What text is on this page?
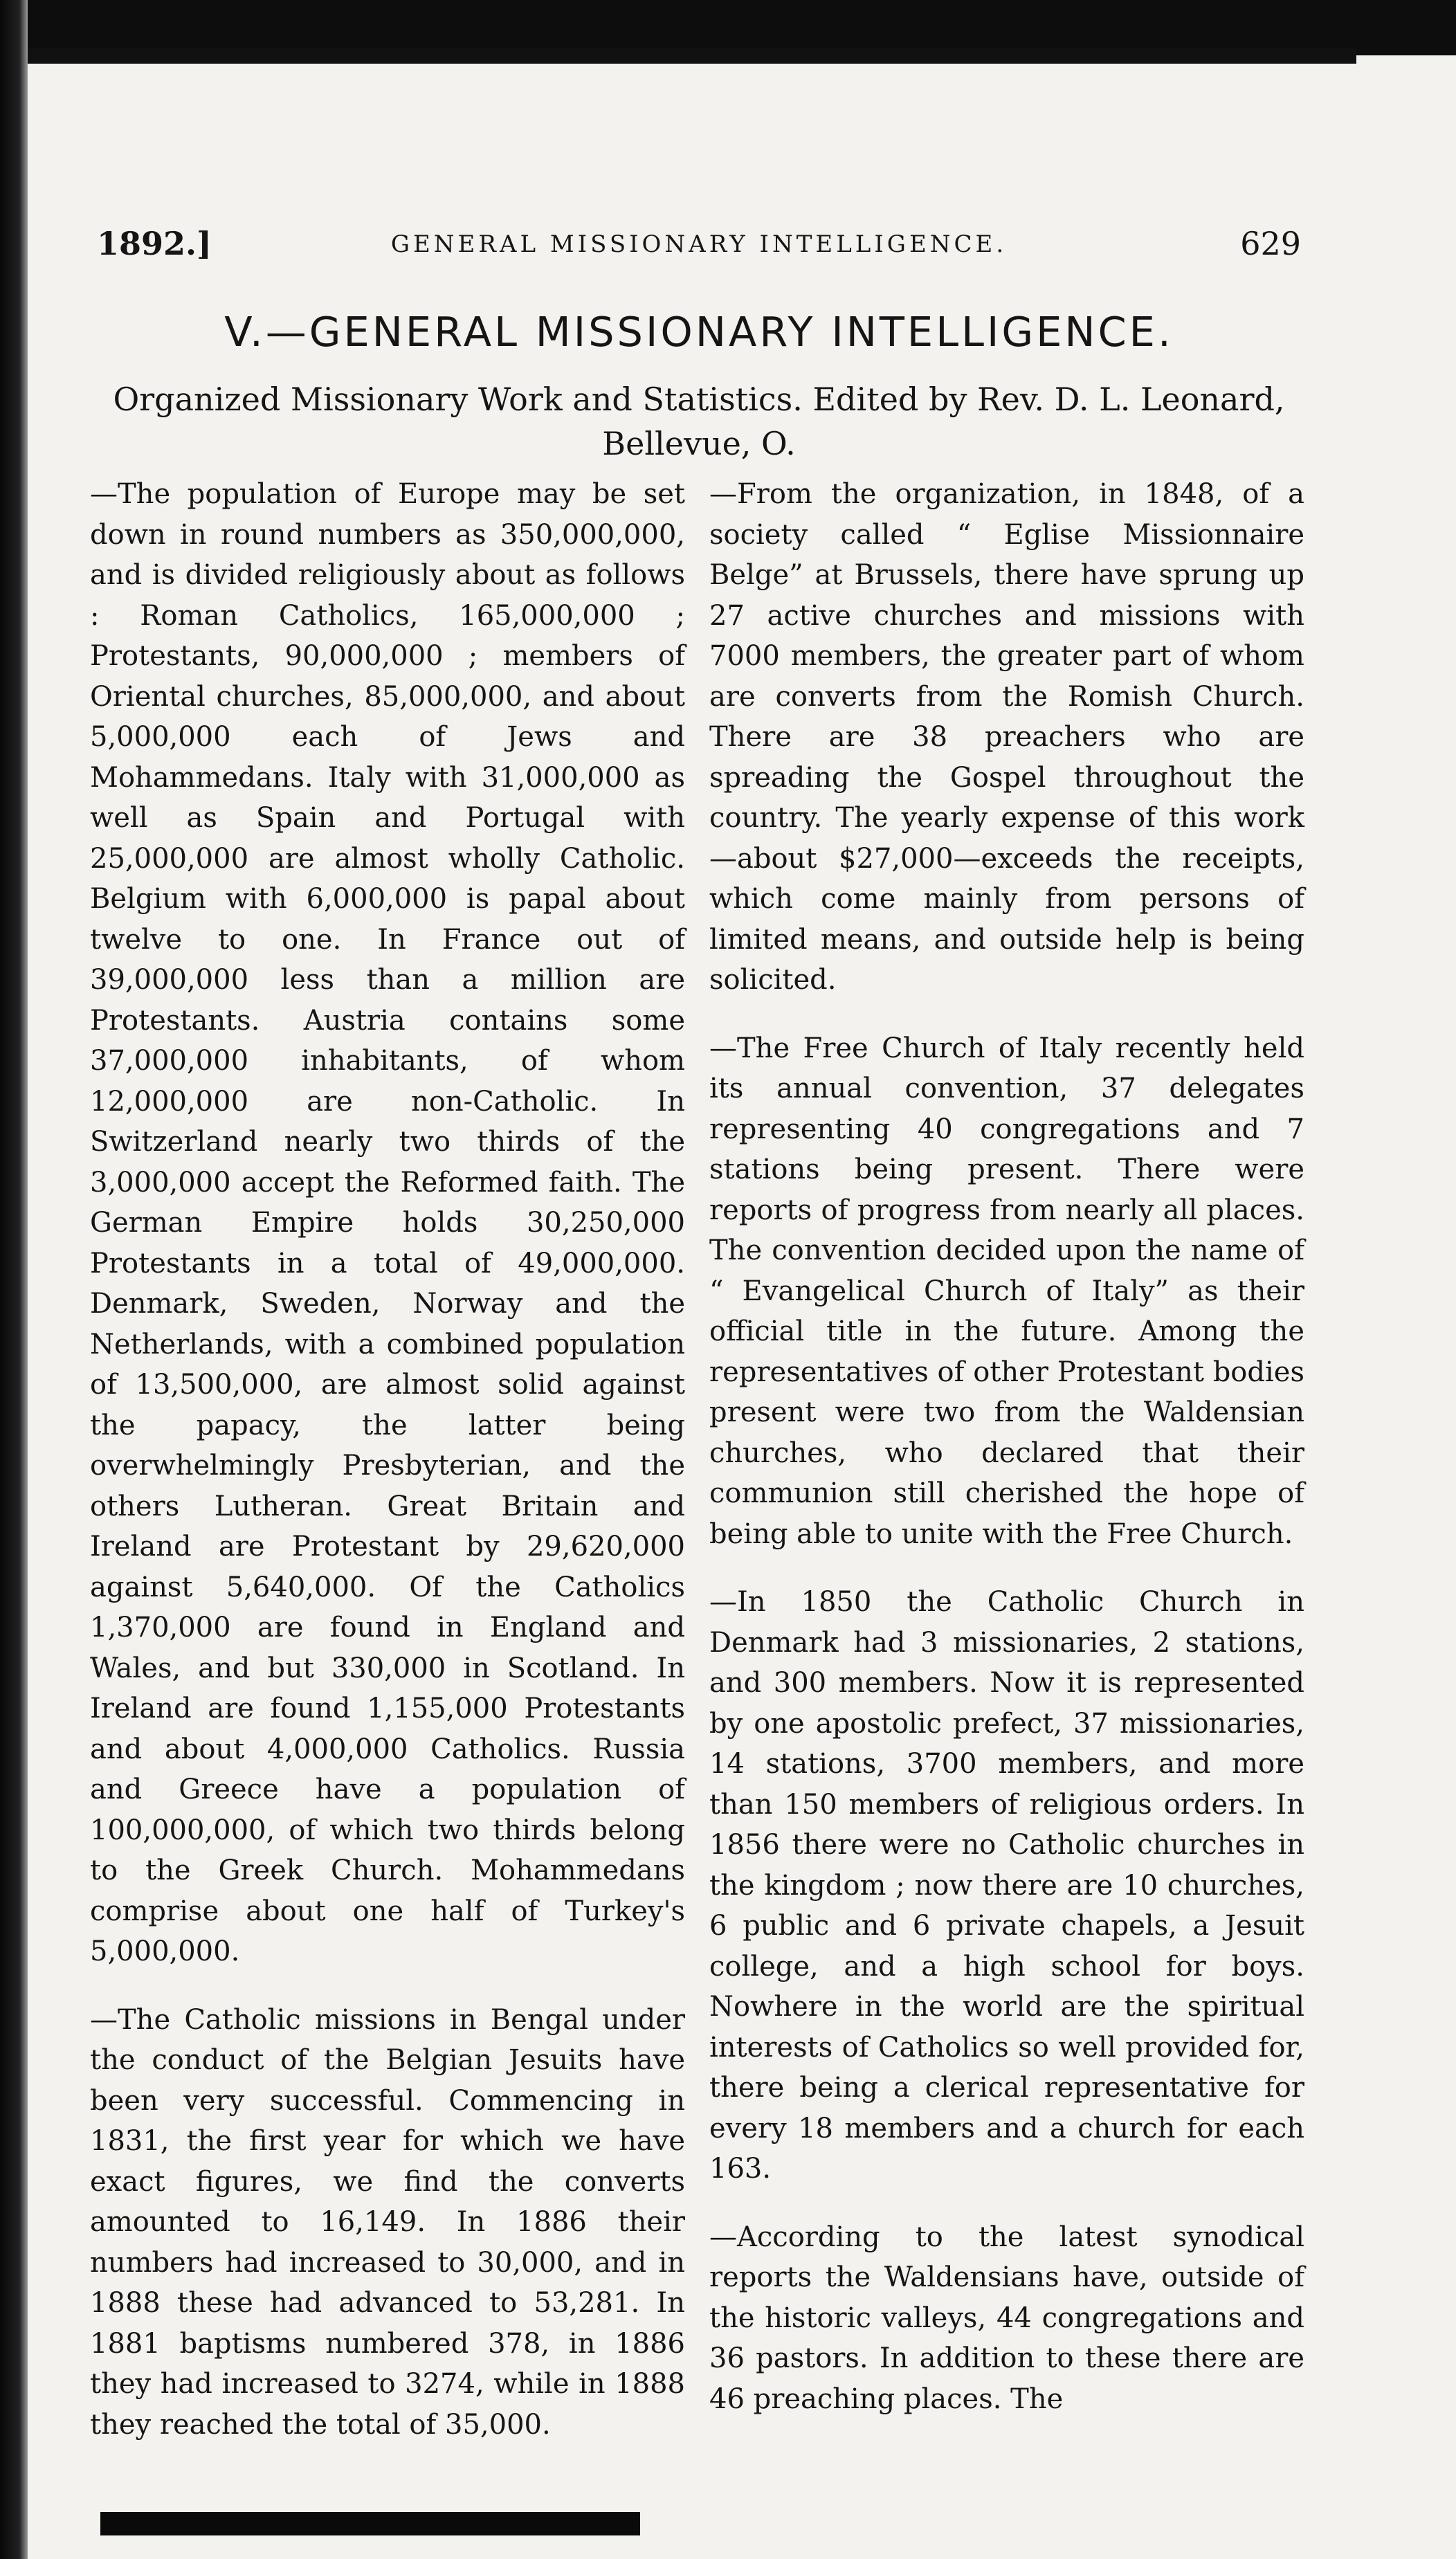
1892.]	GENERAL MISSIONARY INTELLIGENCE.	629
V.—GENERAL MISSIONARY INTELLIGENCE.
Organized Missionary Work and Statistics. Edited by Rev. D. L. Leonard, Bellevue, O.

—The population of Europe may be set down in round numbers as 350,000,000, and is divided religiously about as follows : Roman Catholics, 165,000,000 ; Protestants, 90,000,000 ; members of Oriental churches, 85,000,000, and about 5,000,000 each of Jews and Mohammedans. Italy with 31,000,000 as well as Spain and Portugal with 25,000,000 are almost wholly Catholic. Belgium with 6,000,000 is papal about twelve to one. In France out of 39,000,000 less than a million are Protestants. Austria contains some 37,000,000 inhabitants, of whom 12,000,000 are non-Catholic. In Switzerland nearly two thirds of the 3,000,000 accept the Reformed faith. The German Empire holds 30,250,000 Protestants in a total of 49,000,000. Denmark, Sweden, Norway and the Netherlands, with a combined population of 13,500,000, are almost solid against the papacy, the latter being overwhelmingly Presbyterian, and the others Lutheran. Great Britain and Ireland are Protestant by 29,620,000 against 5,640,000. Of the Catholics 1,370,000 are found in England and Wales, and but 330,000 in Scotland. In Ireland are found 1,155,000 Protestants and about 4,000,000 Catholics. Russia and Greece have a population of 100,000,000, of which two thirds belong to the Greek Church. Mohammedans comprise about one half of Turkey's 5,000,000.

—The Catholic missions in Bengal under the conduct of the Belgian Jesuits have been very successful. Commencing in 1831, the first year for which we have exact figures, we find the converts amounted to 16,149. In 1886 their numbers had increased to 30,000, and in 1888 these had advanced to 53,281. In 1881 baptisms numbered 378, in 1886 they had increased to 3274, while in 1888 they reached the total of 35,000.

—From the organization, in 1848, of a society called “ Eglise Missionnaire Belge” at Brussels, there have sprung up 27 active churches and missions with 7000 members, the greater part of whom are converts from the Romish Church. There are 38 preachers who are spreading the Gospel throughout the country. The yearly expense of this work—about $27,000—exceeds the receipts, which come mainly from persons of limited means, and outside help is being solicited.

—The Free Church of Italy recently held its annual convention, 37 delegates representing 40 congregations and 7 stations being present. There were reports of progress from nearly all places. The convention decided upon the name of “ Evangelical Church of Italy” as their official title in the future. Among the representatives of other Protestant bodies present were two from the Waldensian churches, who declared that their communion still cherished the hope of being able to unite with the Free Church.

—In 1850 the Catholic Church in Denmark had 3 missionaries, 2 stations, and 300 members. Now it is represented by one apostolic prefect, 37 missionaries, 14 stations, 3700 members, and more than 150 members of religious orders. In 1856 there were no Catholic churches in the kingdom ; now there are 10 churches, 6 public and 6 private chapels, a Jesuit college, and a high school for boys. Nowhere in the world are the spiritual interests of Catholics so well provided for, there being a clerical representative for every 18 members and a church for each 163.

—According to the latest synodical reports the Waldensians have, outside of the historic valleys, 44 congregations and 36 pastors. In addition to these there are 46 preaching places. The
